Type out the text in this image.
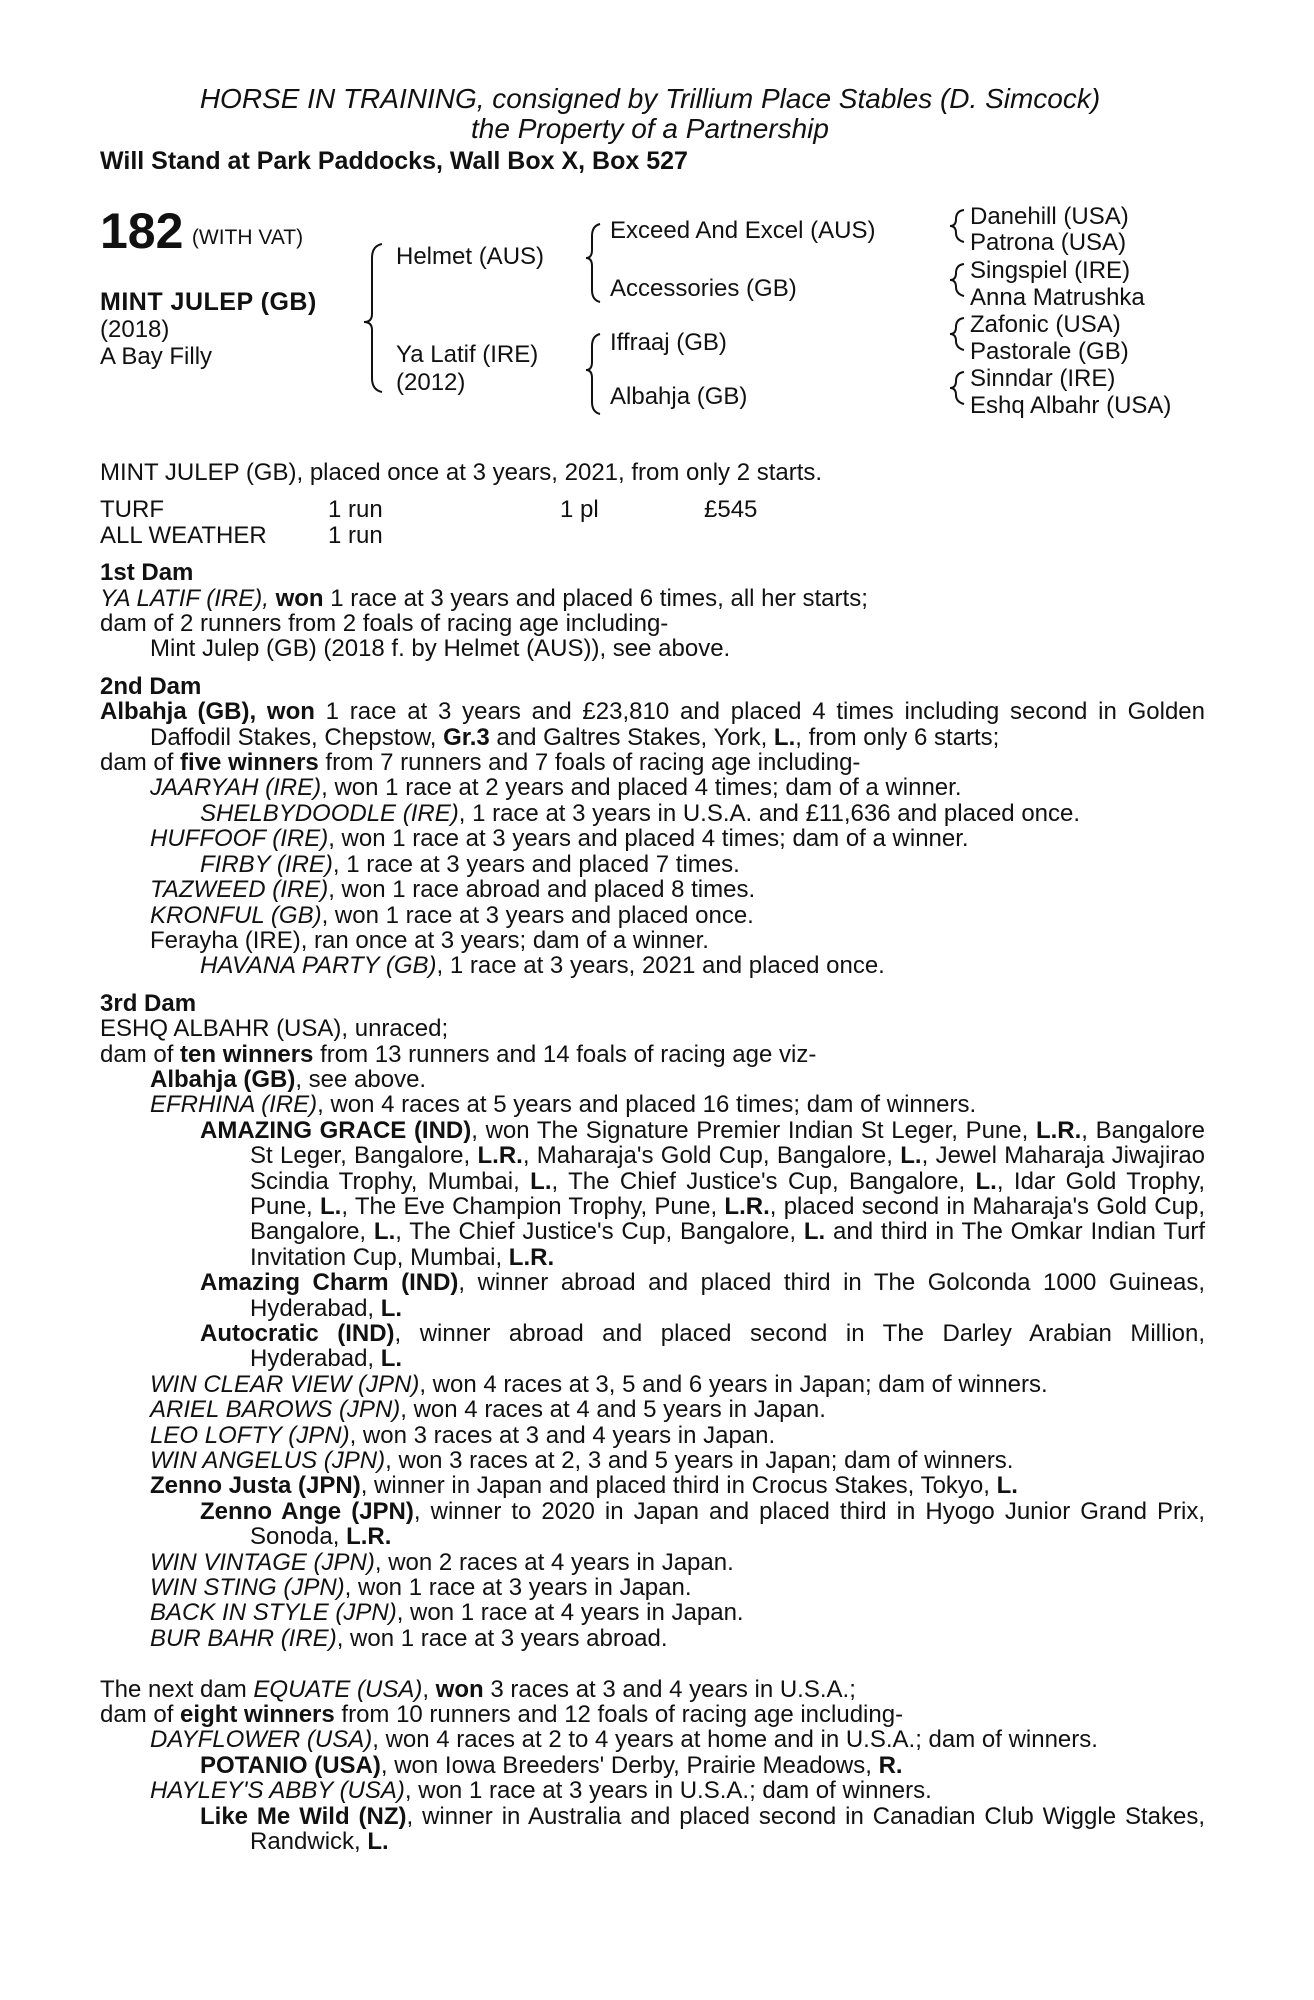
HORSE IN TRAINING, consigned by Trillium Place Stables (D. Simcock)
the Property of a Partnership
Will Stand at Park Paddocks, Wall Box X, Box 527
182 (WITH VAT)
MINT JULEP (GB)
(2018)
A Bay Filly
Helmet (AUS)
Ya Latif (IRE)
(2012)
Exceed And Excel (AUS)
Accessories (GB)
Iffraaj (GB)
Albahja (GB)
Danehill (USA)
Patrona (USA)
Singspiel (IRE)
Anna Matrushka
Zafonic (USA)
Pastorale (GB)
Sinndar (IRE)
Eshq Albahr (USA)
MINT JULEP (GB), placed once at 3 years, 2021, from only 2 starts.
TURF	1 run	1 pl	£545
ALL WEATHER	1 run
1st Dam
YA LATIF (IRE), won 1 race at 3 years and placed 6 times, all her starts;
dam of 2 runners from 2 foals of racing age including-
Mint Julep (GB) (2018 f. by Helmet (AUS)), see above.
2nd Dam
Albahja (GB), won 1 race at 3 years and £23,810 and placed 4 times including second in Golden Daffodil Stakes, Chepstow, Gr.3 and Galtres Stakes, York, L., from only 6 starts;
dam of five winners from 7 runners and 7 foals of racing age including-
JAARYAH (IRE), won 1 race at 2 years and placed 4 times; dam of a winner.
SHELBYDOODLE (IRE), 1 race at 3 years in U.S.A. and £11,636 and placed once.
HUFFOOF (IRE), won 1 race at 3 years and placed 4 times; dam of a winner.
FIRBY (IRE), 1 race at 3 years and placed 7 times.
TAZWEED (IRE), won 1 race abroad and placed 8 times.
KRONFUL (GB), won 1 race at 3 years and placed once.
Ferayha (IRE), ran once at 3 years; dam of a winner.
HAVANA PARTY (GB), 1 race at 3 years, 2021 and placed once.
3rd Dam
ESHQ ALBAHR (USA), unraced;
dam of ten winners from 13 runners and 14 foals of racing age viz-
Albahja (GB), see above.
EFRHINA (IRE), won 4 races at 5 years and placed 16 times; dam of winners.
AMAZING GRACE (IND), won The Signature Premier Indian St Leger, Pune, L.R., Bangalore St Leger, Bangalore, L.R., Maharaja's Gold Cup, Bangalore, L., Jewel Maharaja Jiwajirao Scindia Trophy, Mumbai, L., The Chief Justice's Cup, Bangalore, L., Idar Gold Trophy, Pune, L., The Eve Champion Trophy, Pune, L.R., placed second in Maharaja's Gold Cup, Bangalore, L., The Chief Justice's Cup, Bangalore, L. and third in The Omkar Indian Turf Invitation Cup, Mumbai, L.R.
Amazing Charm (IND), winner abroad and placed third in The Golconda 1000 Guineas, Hyderabad, L.
Autocratic (IND), winner abroad and placed second in The Darley Arabian Million, Hyderabad, L.
WIN CLEAR VIEW (JPN), won 4 races at 3, 5 and 6 years in Japan; dam of winners.
ARIEL BAROWS (JPN), won 4 races at 4 and 5 years in Japan.
LEO LOFTY (JPN), won 3 races at 3 and 4 years in Japan.
WIN ANGELUS (JPN), won 3 races at 2, 3 and 5 years in Japan; dam of winners.
Zenno Justa (JPN), winner in Japan and placed third in Crocus Stakes, Tokyo, L.
Zenno Ange (JPN), winner to 2020 in Japan and placed third in Hyogo Junior Grand Prix, Sonoda, L.R.
WIN VINTAGE (JPN), won 2 races at 4 years in Japan.
WIN STING (JPN), won 1 race at 3 years in Japan.
BACK IN STYLE (JPN), won 1 race at 4 years in Japan.
BUR BAHR (IRE), won 1 race at 3 years abroad.
The next dam EQUATE (USA), won 3 races at 3 and 4 years in U.S.A.;
dam of eight winners from 10 runners and 12 foals of racing age including-
DAYFLOWER (USA), won 4 races at 2 to 4 years at home and in U.S.A.; dam of winners.
POTANIO (USA), won Iowa Breeders' Derby, Prairie Meadows, R.
HAYLEY'S ABBY (USA), won 1 race at 3 years in U.S.A.; dam of winners.
Like Me Wild (NZ), winner in Australia and placed second in Canadian Club Wiggle Stakes, Randwick, L.
